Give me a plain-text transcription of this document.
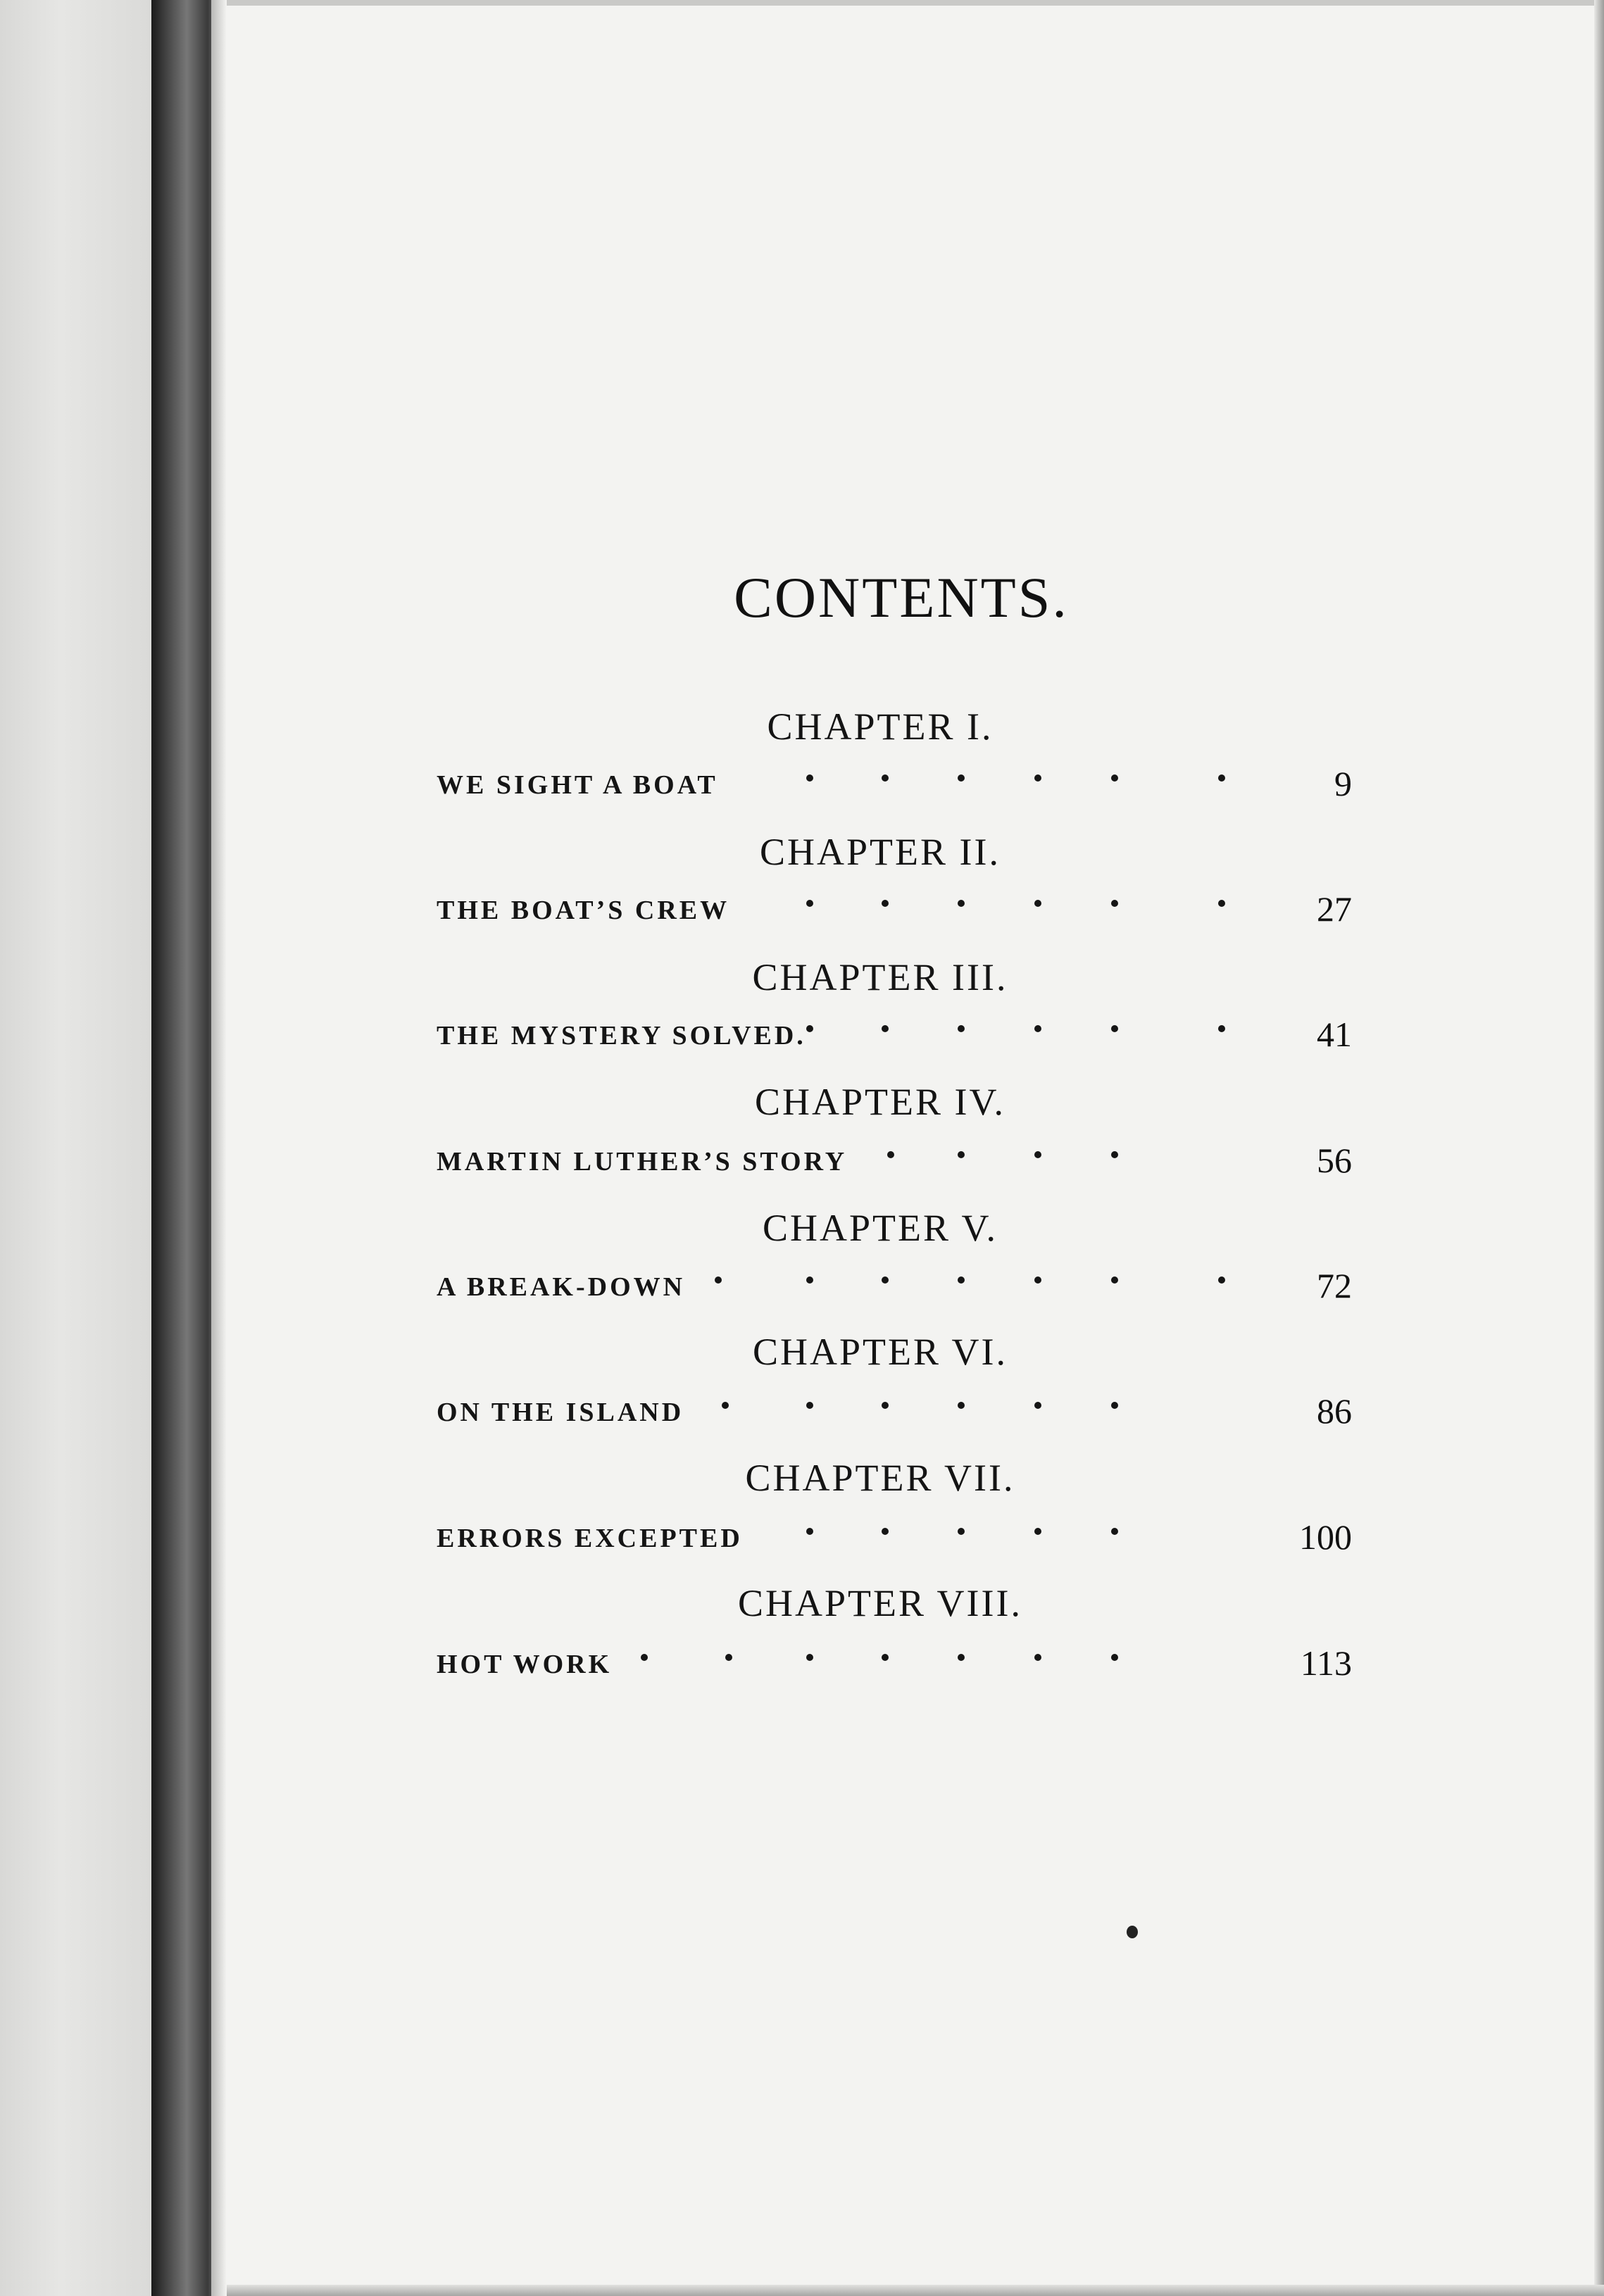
CONTENTS.
CHAPTER I.
WE SIGHT A BOAT	9
CHAPTER II.
THE BOAT’S CREW	27
CHAPTER III.
THE MYSTERY SOLVED.	41
CHAPTER IV.
MARTIN LUTHER’S STORY	56
CHAPTER V.
A BREAK-DOWN	72
CHAPTER VI.
ON THE ISLAND	86
CHAPTER VII.
ERRORS EXCEPTED	100
CHAPTER VIII.
HOT WORK	113
